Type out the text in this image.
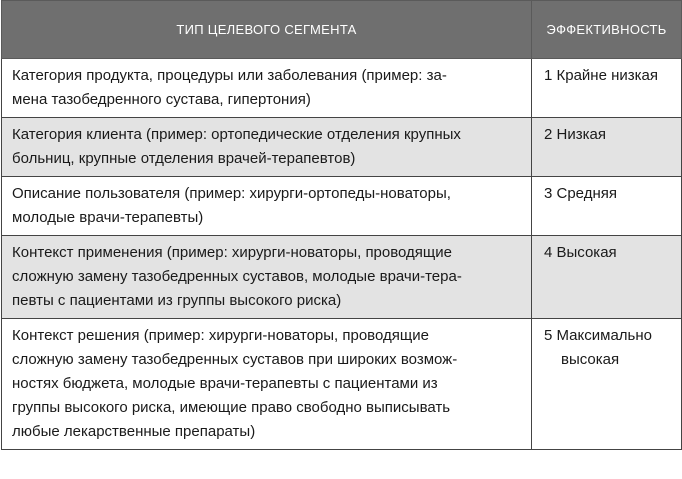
ТИП ЦЕЛЕВОГО СЕГМЕНТА	ЭФФЕКТИВНОСТЬ
Категория продукта, процедуры или заболевания (пример: за-
мена тазобедренного сустава, гипертония)	1 Крайне низкая
Категория клиента (пример: ортопедические отделения крупных
больниц, крупные отделения врачей-терапевтов)	2 Низкая
Описание пользователя (пример: хирурги-ортопеды-новаторы,
молодые врачи-терапевты)	3 Средняя
Контекст применения (пример: хирурги-новаторы, проводящие
сложную замену тазобедренных суставов, молодые врачи-тера-
певты с пациентами из группы высокого риска)	4 Высокая
Контекст решения (пример: хирурги-новаторы, проводящие
сложную замену тазобедренных суставов при широких возмож-
ностях бюджета, молодые врачи-терапевты с пациентами из
группы высокого риска, имеющие право свободно выписывать
любые лекарственные препараты)	5 Максимально
высокая
